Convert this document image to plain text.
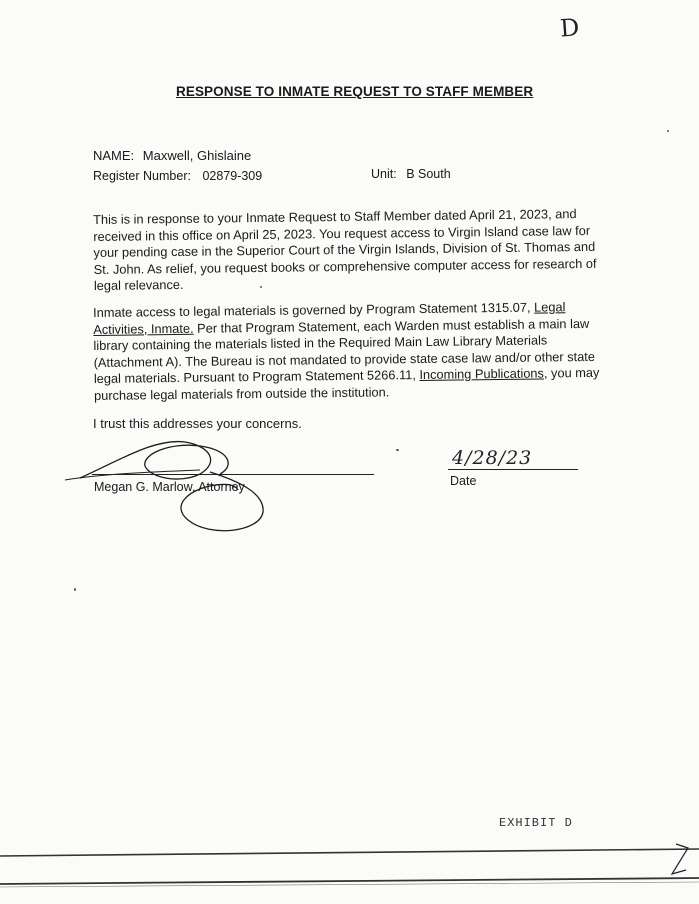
D
RESPONSE TO INMATE REQUEST TO STAFF MEMBER
NAME: Maxwell, Ghislaine
Register Number: 02879-309	Unit: B South
This is in response to your Inmate Request to Staff Member dated April 21, 2023, and received in this office on April 25, 2023. You request access to Virgin Island case law for your pending case in the Superior Court of the Virgin Islands, Division of St. Thomas and St. John. As relief, you request books or comprehensive computer access for research of legal relevance.
Inmate access to legal materials is governed by Program Statement 1315.07, Legal Activities, Inmate. Per that Program Statement, each Warden must establish a main law library containing the materials listed in the Required Main Law Library Materials (Attachment A). The Bureau is not mandated to provide state case law and/or other state legal materials. Pursuant to Program Statement 5266.11, Incoming Publications, you may purchase legal materials from outside the institution.
I trust this addresses your concerns.
Megan G. Marlow, Attorney
4/28/23
Date
EXHIBIT D
